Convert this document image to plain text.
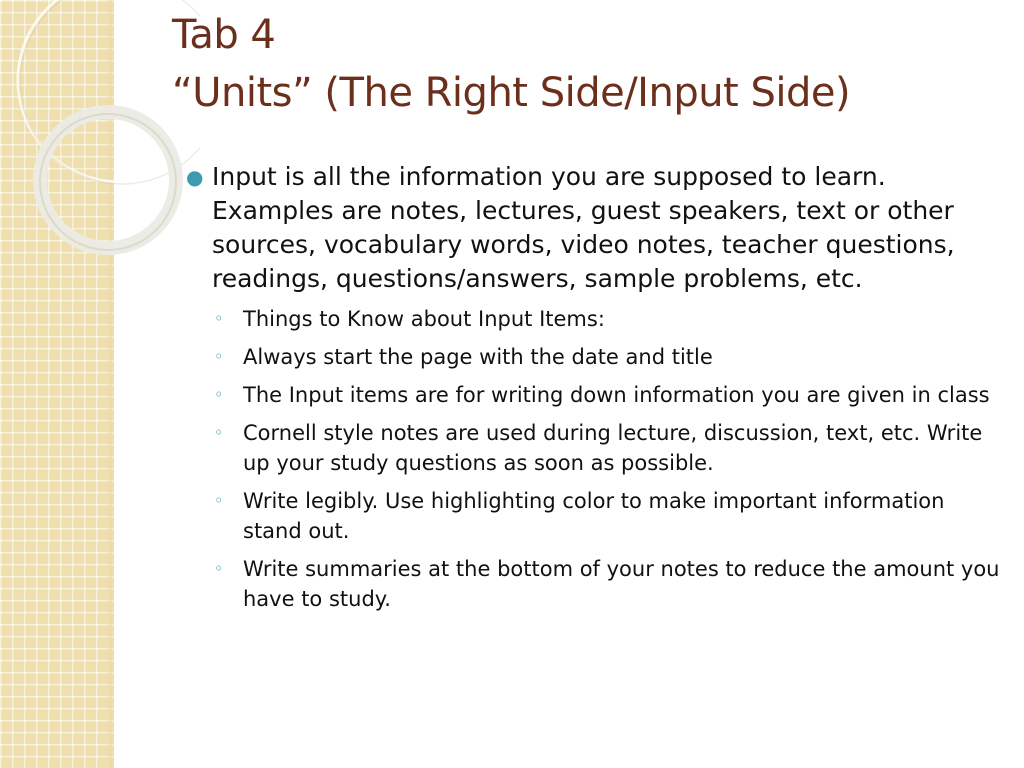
Tab 4
“Units” (The Right Side/Input Side)
● Input is all the information you are supposed to learn. Examples are notes, lectures, guest speakers, text or other sources, vocabulary words, video notes, teacher questions, readings, questions/answers, sample problems, etc.
◦ Things to Know about Input Items:
◦ Always start the page with the date and title
◦ The Input items are for writing down information you are given in class
◦ Cornell style notes are used during lecture, discussion, text, etc. Write up your study questions as soon as possible.
◦ Write legibly. Use highlighting color to make important information stand out.
◦ Write summaries at the bottom of your notes to reduce the amount you have to study.
